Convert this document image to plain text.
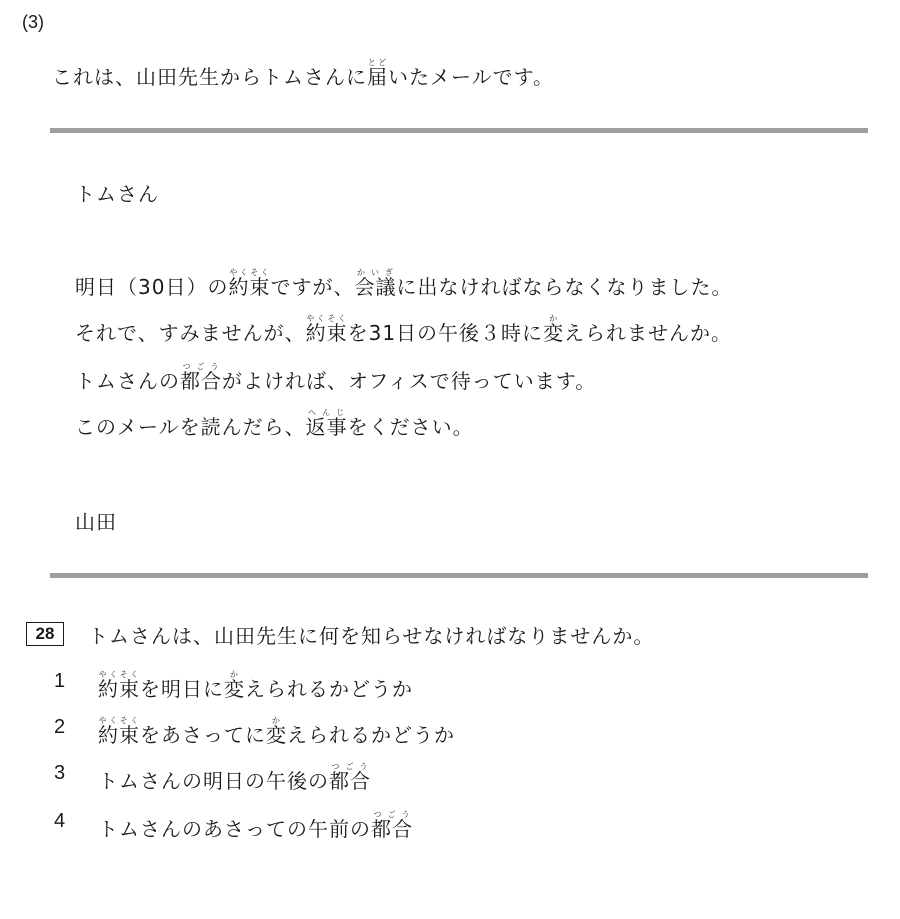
(3)
これは、山田先生からトムさんに届とどいたメールです。
トムさん
明日（30日）の約束やくそくですが、会議かいぎに出なければならなくなりました。
それで、すみませんが、約束やくそくを31日の午後３時に変かえられませんか。
トムさんの都合つごうがよければ、オフィスで待っています。
このメールを読んだら、返事へんじをください。
山田
28	トムさんは、山田先生に何を知らせなければなりませんか。
1 約束やくそくを明日に変かえられるかどうか
2 約束やくそくをあさってに変かえられるかどうか
3 トムさんの明日の午後の都合つごう
4 トムさんのあさっての午前の都合つごう
